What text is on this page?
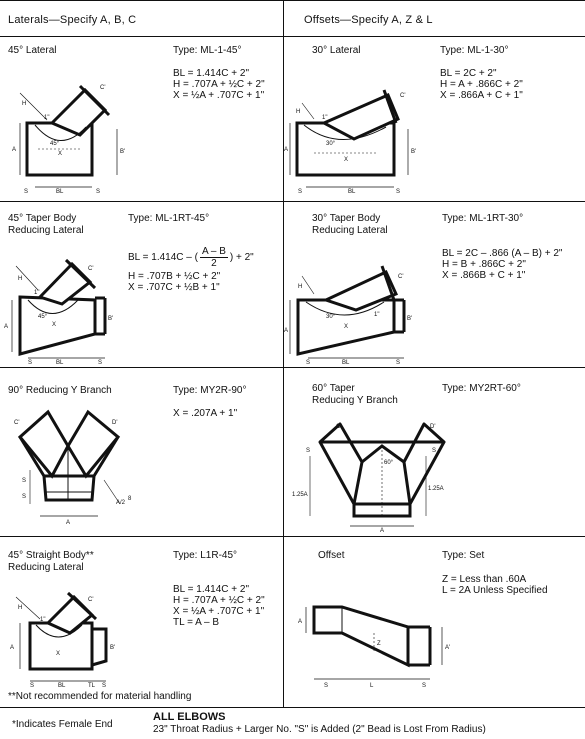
Laterals—Specify A, B, C	Offsets—Specify A, Z & L
45° Lateral	Type: ML-1-45°
BL = 1.414C + 2"
H = .707A + ½C + 2"
X = ½A + .707C + 1"
A	B'
C'
H
X
45°
1"
S	BL	S
30° Lateral	Type: ML-1-30°
BL = 2C + 2"
H = A + .866C + 2"
X = .866A + C + 1"
A	B'
C'
H
X
30°
1"
S	BL	S
45° Taper Body
Reducing Lateral
Type: ML-1RT-45°
BL = 1.414C – ( $\frac{A - B}{2}$ ) + 2"
H = .707B + ½C + 2"
X = .707C + ½B + 1"
A
B'
C'
H
X
45°
1"
S	BL	S
30° Taper Body
Reducing Lateral
Type: ML-1RT-30°
BL = 2C – .866 (A – B) + 2"
H = B + .866C + 2"
X = .866B + C + 1"
A
B'
C'
H
X
30°	1"
S	BL	S
90° Reducing Y Branch	Type: MY2R-90°
X = .207A + 1"
C'	D'
S
S
A
A/2
8
60° Taper
Reducing Y Branch
Type: MY2RT-60°
C'	D'
60°
S	S
1.25A
1.25A
A
45° Straight Body**
Reducing Lateral
Type: L1R-45°
BL = 1.414C + 2"
H = .707A + ½C + 2"
X = ½A + .707C + 1"
TL = A – B
A	B'
C'
H
X
1"
S	BL	TL S
**Not recommended for material handling
Offset	Type: Set
Z = Less than .60A
L = 2A Unless Specified
A
A'
Z
S	L	S
*Indicates Female End
ALL ELBOWS
23" Throat Radius + Larger No. "S" is Added (2" Bead is Lost From Radius)
